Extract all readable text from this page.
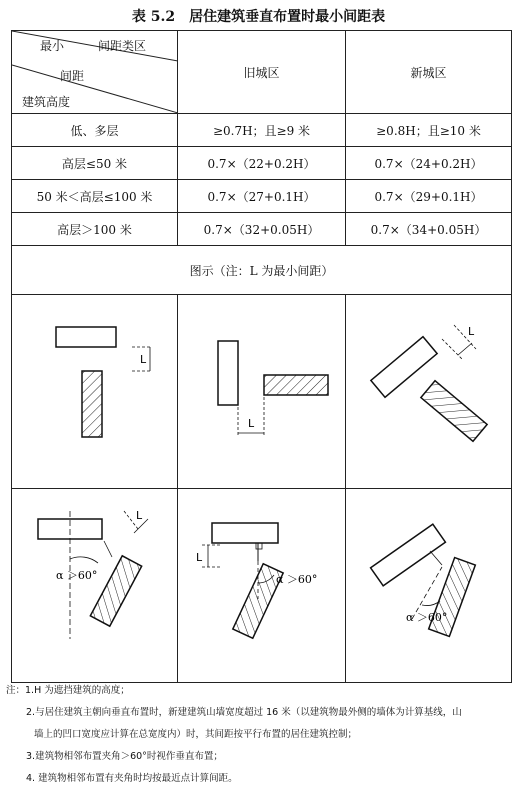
表 5.2　居住建筑垂直布置时最小间距表
最小 间距类区
间距
建筑高度	旧城区	新城区
低、多层	≥0.7H；且≥9 米	≥0.8H；且≥10 米
高层≤50 米	0.7×（22+0.2H）	0.7×（24+0.2H）
50 米＜高层≤100 米	0.7×（27+0.1H）	0.7×（29+0.1H）
高层＞100 米	0.7×（32+0.05H）	0.7×（34+0.05H）
图示（注：L 为最小间距）		

L	L	L

L
α ＞60°	L
α ＞60°	α ＞60°
注：1.H 为遮挡建筑的高度；
2.与居住建筑主朝向垂直布置时，新建建筑山墙宽度超过 16 米（以建筑物最外侧的墙体为计算基线，山
墙上的凹口宽度应计算在总宽度内）时，其间距按平行布置的居住建筑控制；
3.建筑物相邻布置夹角＞60°时视作垂直布置；
4. 建筑物相邻布置有夹角时均按最近点计算间距。
